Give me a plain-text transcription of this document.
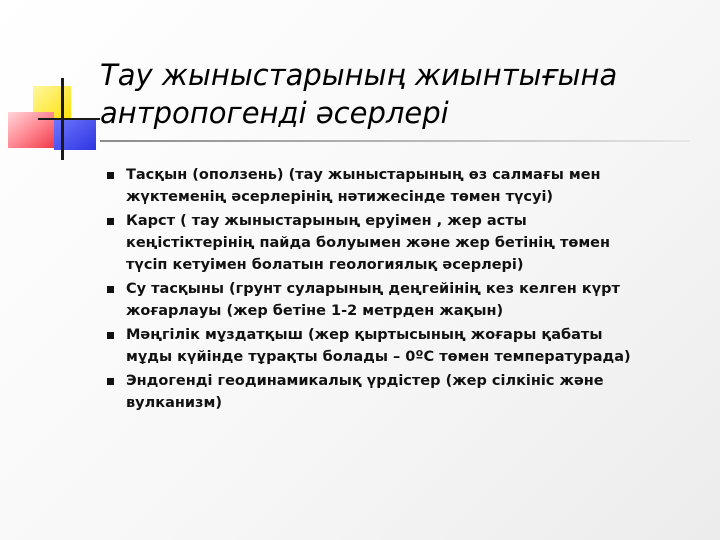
Тау жыныстарының жиынтығына
антропогенді әсерлері
Тасқын (оползень) (тау жыныстарының өз салмағы мен
жүктеменің әсерлерінің нәтижесінде төмен түсуі)
Карст ( тау жыныстарының еруімен , жер асты
кеңістіктерінің пайда болуымен және жер бетінің төмен
түсіп кетуімен болатын геологиялық әсерлері)
Су тасқыны (грунт суларының деңгейінің кез келген күрт
жоғарлауы (жер бетіне 1-2 метрден жақын)
Мәңгілік мұздатқыш (жер қыртысының жоғары қабаты
мұды күйінде тұрақты болады – 0ºС төмен температурада)
Эндогенді геодинамикалық үрдістер (жер сілкініс және
вулканизм)
